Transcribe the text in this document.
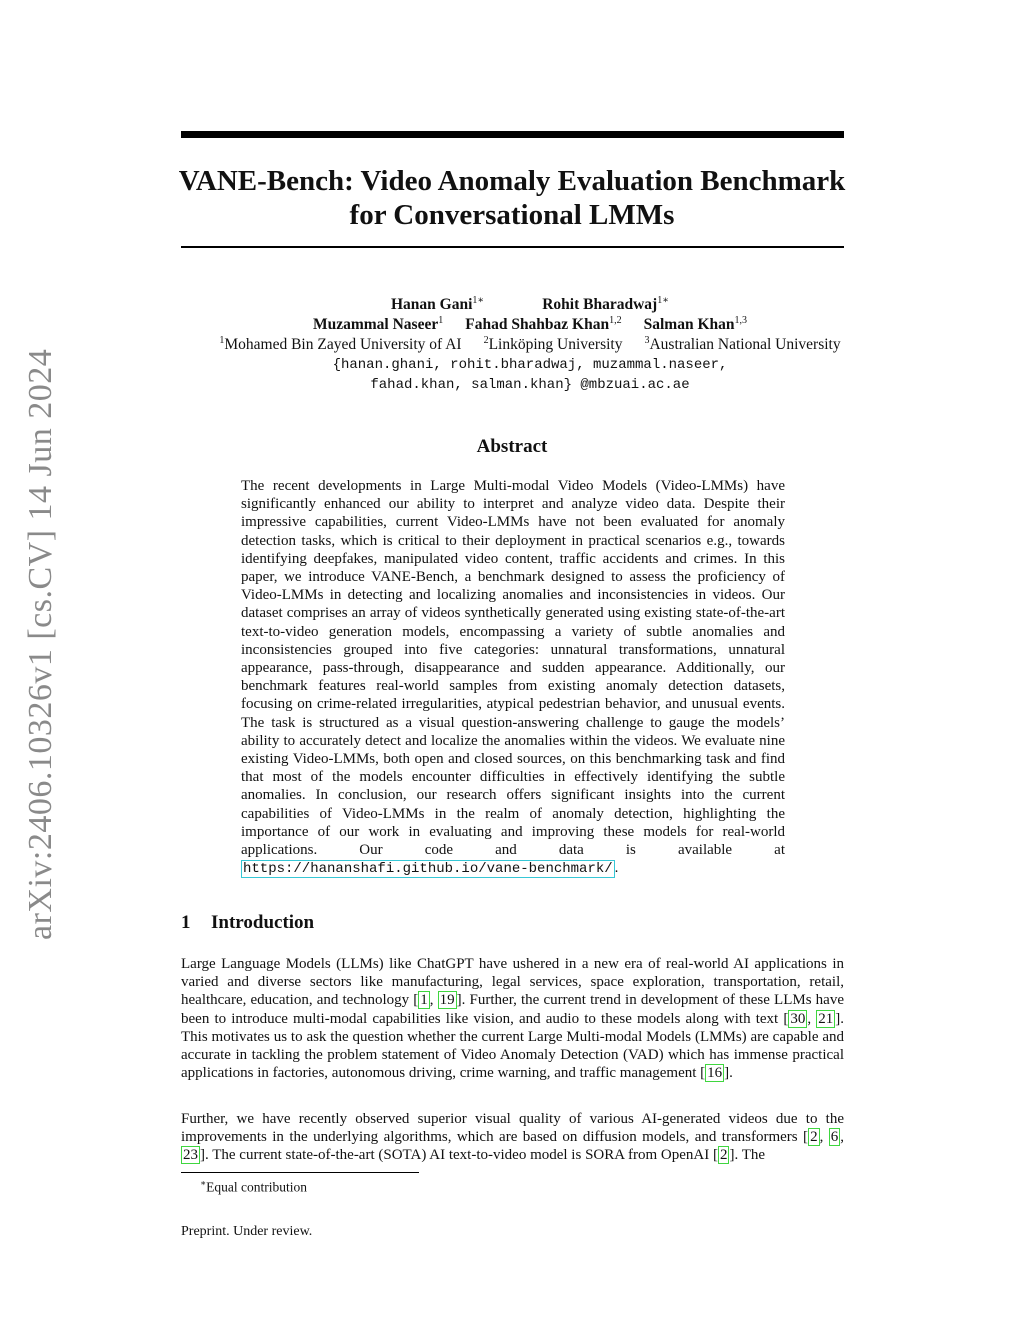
arXiv:2406.10326v1 [cs.CV] 14 Jun 2024
VANE-Bench: Video Anomaly Evaluation Benchmark
for Conversational LMMs
Hanan Gani$^{1∗}$	Rohit Bharadwaj$^{1∗}$
Muzammal Naseer$^1$ Fahad Shahbaz Khan$^{1,2}$ Salman Khan$^{1,3}$
$^1$Mohamed Bin Zayed University of AI $^2$Linköping University $^3$Australian National University
{hanan.ghani, rohit.bharadwaj, muzammal.naseer,
fahad.khan, salman.khan} @mbzuai.ac.ae
Abstract
The recent developments in Large Multi-modal Video Models (Video-LMMs) have significantly enhanced our ability to interpret and analyze video data. Despite their impressive capabilities, current Video-LMMs have not been evaluated for anomaly detection tasks, which is critical to their deployment in practical scenarios e.g., towards identifying deepfakes, manipulated video content, traffic accidents and crimes. In this paper, we introduce VANE-Bench, a benchmark designed to assess the proficiency of Video-LMMs in detecting and localizing anomalies and inconsistencies in videos. Our dataset comprises an array of videos synthetically generated using existing state-of-the-art text-to-video generation models, encompassing a variety of subtle anomalies and inconsistencies grouped into five categories: unnatural transformations, unnatural appearance, pass-through, disappearance and sudden appearance. Additionally, our benchmark features real-world samples from existing anomaly detection datasets, focusing on crime-related irregularities, atypical pedestrian behavior, and unusual events. The task is structured as a visual question-answering challenge to gauge the models’ ability to accurately detect and localize the anomalies within the videos. We evaluate nine existing Video-LMMs, both open and closed sources, on this benchmarking task and find that most of the models encounter difficulties in effectively identifying the subtle anomalies. In conclusion, our research offers significant insights into the current capabilities of Video-LMMs in the realm of anomaly detection, highlighting the importance of our work in evaluating and improving these models for real-world applications. Our code and data is available at https://hananshafi.github.io/vane-benchmark/ .
1 Introduction
Large Language Models (LLMs) like ChatGPT have ushered in a new era of real-world AI applications in varied and diverse sectors like manufacturing, legal services, space exploration, transportation, retail, healthcare, education, and technology [ 1 , 19 ]. Further, the current trend in development of these LLMs have been to introduce multi-modal capabilities like vision, and audio to these models along with text [ 30 , 21 ]. This motivates us to ask the question whether the current Large Multi-modal Models (LMMs) are capable and accurate in tackling the problem statement of Video Anomaly Detection (VAD) which has immense practical applications in factories, autonomous driving, crime warning, and traffic management [ 16 ].
Further, we have recently observed superior visual quality of various AI-generated videos due to the improvements in the underlying algorithms, which are based on diffusion models, and transformers [ 2 , 6 , 23 ]. The current state-of-the-art (SOTA) AI text-to-video model is SORA from OpenAI [ 2 ]. The
∗Equal contribution
Preprint. Under review.
